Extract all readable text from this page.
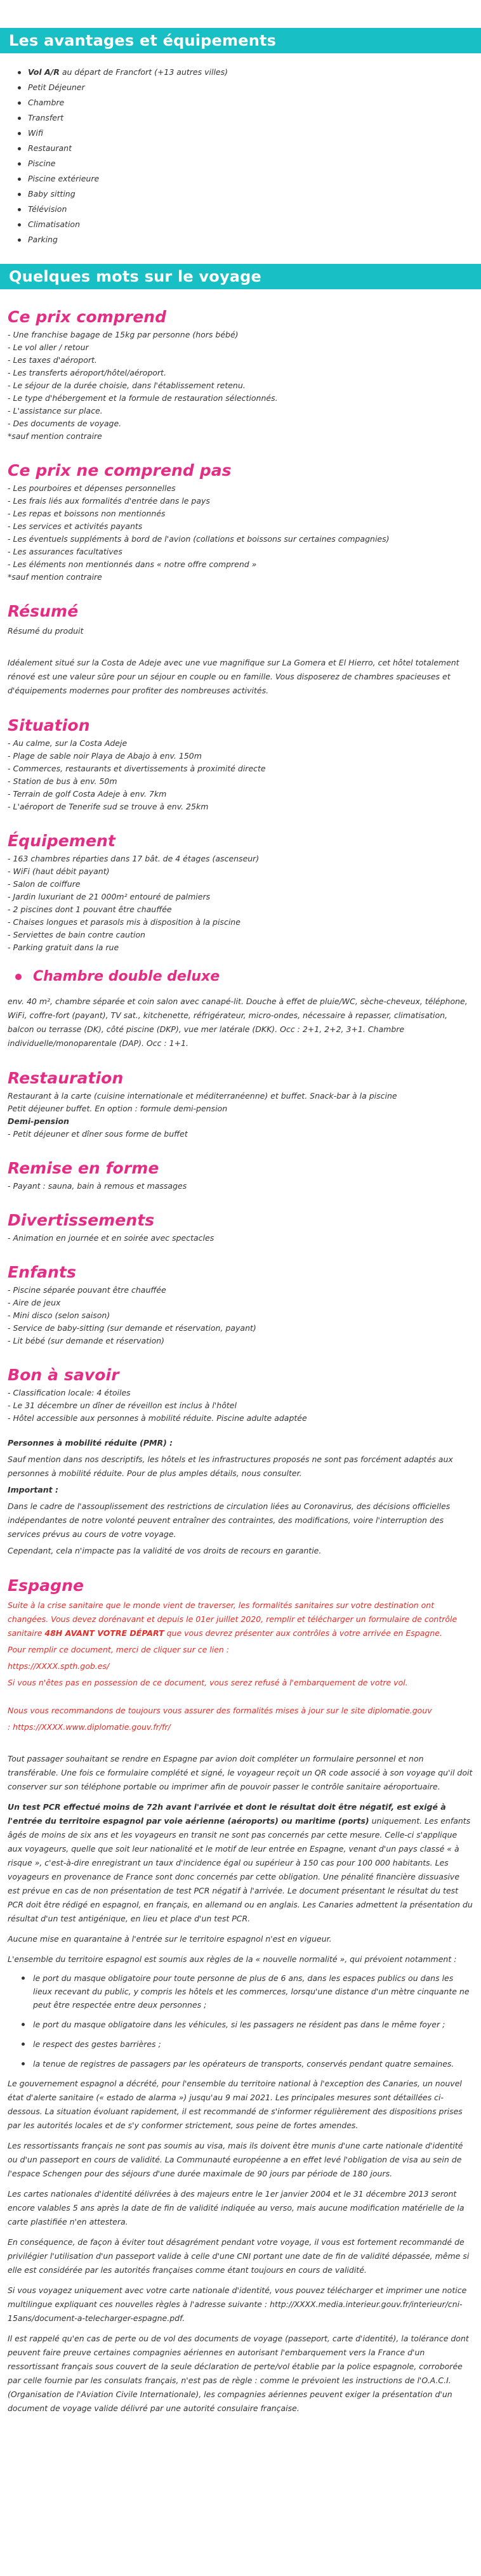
Les avantages et équipements
Vol A/R au départ de Francfort (+13 autres villes)
Petit Déjeuner
Chambre
Transfert
Wifi
Restaurant
Piscine
Piscine extérieure
Baby sitting
Télévision
Climatisation
Parking
Quelques mots sur le voyage
Ce prix comprend
- Une franchise bagage de 15kg par personne (hors bébé)
- Le vol aller / retour
- Les taxes d'aéroport.
- Les transferts aéroport/hôtel/aéroport.
- Le séjour de la durée choisie, dans l'établissement retenu.
- Le type d'hébergement et la formule de restauration sélectionnés.
- L'assistance sur place.
- Des documents de voyage.
*sauf mention contraire
Ce prix ne comprend pas
- Les pourboires et dépenses personnelles
- Les frais liés aux formalités d'entrée dans le pays
- Les repas et boissons non mentionnés
- Les services et activités payants
- Les éventuels suppléments à bord de l'avion (collations et boissons sur certaines compagnies)
- Les assurances facultatives
- Les éléments non mentionnés dans « notre offre comprend »
*sauf mention contraire
Résumé
Résumé du produit
Idéalement situé sur la Costa de Adeje avec une vue magnifique sur La Gomera et El Hierro, cet hôtel totalement rénové est une valeur sûre pour un séjour en couple ou en famille. Vous disposerez de chambres spacieuses et d'équipements modernes pour profiter des nombreuses activités.
Situation
- Au calme, sur la Costa Adeje
- Plage de sable noir Playa de Abajo à env. 150m
- Commerces, restaurants et divertissements à proximité directe
- Station de bus à env. 50m
- Terrain de golf Costa Adeje à env. 7km
- L'aéroport de Tenerife sud se trouve à env. 25km
Équipement
- 163 chambres réparties dans 17 bât. de 4 étages (ascenseur)
- WiFi (haut débit payant)
- Salon de coiffure
- Jardin luxuriant de 21 000m² entouré de palmiers
- 2 piscines dont 1 pouvant être chauffée
- Chaises longues et parasols mis à disposition à la piscine
- Serviettes de bain contre caution
- Parking gratuit dans la rue
Chambre double deluxe
env. 40 m², chambre séparée et coin salon avec canapé-lit. Douche à effet de pluie/WC, sèche-cheveux, téléphone, WiFi, coffre-fort (payant), TV sat., kitchenette, réfrigérateur, micro-ondes, nécessaire à repasser, climatisation, balcon ou terrasse (DK), côté piscine (DKP), vue mer latérale (DKK). Occ : 2+1, 2+2, 3+1. Chambre individuelle/monoparentale (DAP). Occ : 1+1.
Restauration
Restaurant à la carte (cuisine internationale et méditerranéenne) et buffet. Snack-bar à la piscine
Petit déjeuner buffet. En option : formule demi-pension
Demi-pension
- Petit déjeuner et dîner sous forme de buffet
Remise en forme
- Payant : sauna, bain à remous et massages
Divertissements
- Animation en journée et en soirée avec spectacles
Enfants
- Piscine séparée pouvant être chauffée
- Aire de jeux
- Mini disco (selon saison)
- Service de baby-sitting (sur demande et réservation, payant)
- Lit bébé (sur demande et réservation)
Bon à savoir
- Classification locale: 4 étoiles
- Le 31 décembre un dîner de réveillon est inclus à l'hôtel
- Hôtel accessible aux personnes à mobilité réduite. Piscine adulte adaptée
Personnes à mobilité réduite (PMR) :
Sauf mention dans nos descriptifs, les hôtels et les infrastructures proposés ne sont pas forcément adaptés aux personnes à mobilité réduite. Pour de plus amples détails, nous consulter.
Important :
Dans le cadre de l'assouplissement des restrictions de circulation liées au Coronavirus, des décisions officielles indépendantes de notre volonté peuvent entraîner des contraintes, des modifications, voire l'interruption des services prévus au cours de votre voyage.
Cependant, cela n'impacte pas la validité de vos droits de recours en garantie.
Espagne
Suite à la crise sanitaire que le monde vient de traverser, les formalités sanitaires sur votre destination ont changées. Vous devez dorénavant et depuis le 01er juillet 2020, remplir et télécharger un formulaire de contrôle sanitaire 48H AVANT VOTRE DÉPART que vous devrez présenter aux contrôles à votre arrivée en Espagne.
Pour remplir ce document, merci de cliquer sur ce lien :
https://XXXX.spth.gob.es/
Si vous n'êtes pas en possession de ce document, vous serez refusé à l'embarquement de votre vol.
Nous vous recommandons de toujours vous assurer des formalités mises à jour sur le site diplomatie.gouv
: https://XXXX.www.diplomatie.gouv.fr/fr/
Tout passager souhaitant se rendre en Espagne par avion doit compléter un formulaire personnel et non transférable. Une fois ce formulaire complété et signé, le voyageur reçoit un QR code associé à son voyage qu'il doit conserver sur son téléphone portable ou imprimer afin de pouvoir passer le contrôle sanitaire aéroportuaire.
Un test PCR effectué moins de 72h avant l'arrivée et dont le résultat doit être négatif, est exigé à l'entrée du territoire espagnol par voie aérienne (aéroports) ou maritime (ports) uniquement. Les enfants âgés de moins de six ans et les voyageurs en transit ne sont pas concernés par cette mesure. Celle-ci s'applique aux voyageurs, quelle que soit leur nationalité et le motif de leur entrée en Espagne, venant d'un pays classé « à risque », c'est-à-dire enregistrant un taux d'incidence égal ou supérieur à 150 cas pour 100 000 habitants. Les voyageurs en provenance de France sont donc concernés par cette obligation. Une pénalité financière dissuasive est prévue en cas de non présentation de test PCR négatif à l'arrivée. Le document présentant le résultat du test PCR doit être rédigé en espagnol, en français, en allemand ou en anglais. Les Canaries admettent la présentation du résultat d'un test antigénique, en lieu et place d'un test PCR.
Aucune mise en quarantaine à l'entrée sur le territoire espagnol n'est en vigueur.
L'ensemble du territoire espagnol est soumis aux règles de la « nouvelle normalité », qui prévoient notamment :
le port du masque obligatoire pour toute personne de plus de 6 ans, dans les espaces publics ou dans les lieux recevant du public, y compris les hôtels et les commerces, lorsqu'une distance d'un mètre cinquante ne peut être respectée entre deux personnes ;
le port du masque obligatoire dans les véhicules, si les passagers ne résident pas dans le même foyer ;
le respect des gestes barrières ;
la tenue de registres de passagers par les opérateurs de transports, conservés pendant quatre semaines.
Le gouvernement espagnol a décrété, pour l'ensemble du territoire national à l'exception des Canaries, un nouvel état d'alerte sanitaire (« estado de alarma ») jusqu'au 9 mai 2021. Les principales mesures sont détaillées ci-dessous. La situation évoluant rapidement, il est recommandé de s'informer régulièrement des dispositions prises par les autorités locales et de s'y conformer strictement, sous peine de fortes amendes.
Les ressortissants français ne sont pas soumis au visa, mais ils doivent être munis d'une carte nationale d'identité ou d'un passeport en cours de validité. La Communauté européenne a en effet levé l'obligation de visa au sein de l'espace Schengen pour des séjours d'une durée maximale de 90 jours par période de 180 jours.
Les cartes nationales d'identité délivrées à des majeurs entre le 1er janvier 2004 et le 31 décembre 2013 seront encore valables 5 ans après la date de fin de validité indiquée au verso, mais aucune modification matérielle de la carte plastifiée n'en attestera.
En conséquence, de façon à éviter tout désagrément pendant votre voyage, il vous est fortement recommandé de privilégier l'utilisation d'un passeport valide à celle d'une CNI portant une date de fin de validité dépassée, même si elle est considérée par les autorités françaises comme étant toujours en cours de validité.
Si vous voyagez uniquement avec votre carte nationale d'identité, vous pouvez télécharger et imprimer une notice multilingue expliquant ces nouvelles règles à l'adresse suivante : http://XXXX.media.interieur.gouv.fr/interieur/cni-15ans/document-a-telecharger-espagne.pdf.
Il est rappelé qu'en cas de perte ou de vol des documents de voyage (passeport, carte d'identité), la tolérance dont peuvent faire preuve certaines compagnies aériennes en autorisant l'embarquement vers la France d'un ressortissant français sous couvert de la seule déclaration de perte/vol établie par la police espagnole, corroborée par celle fournie par les consulats français, n'est pas de règle : comme le prévoient les instructions de l'O.A.C.I. (Organisation de l'Aviation Civile Internationale), les compagnies aériennes peuvent exiger la présentation d'un document de voyage valide délivré par une autorité consulaire française.
